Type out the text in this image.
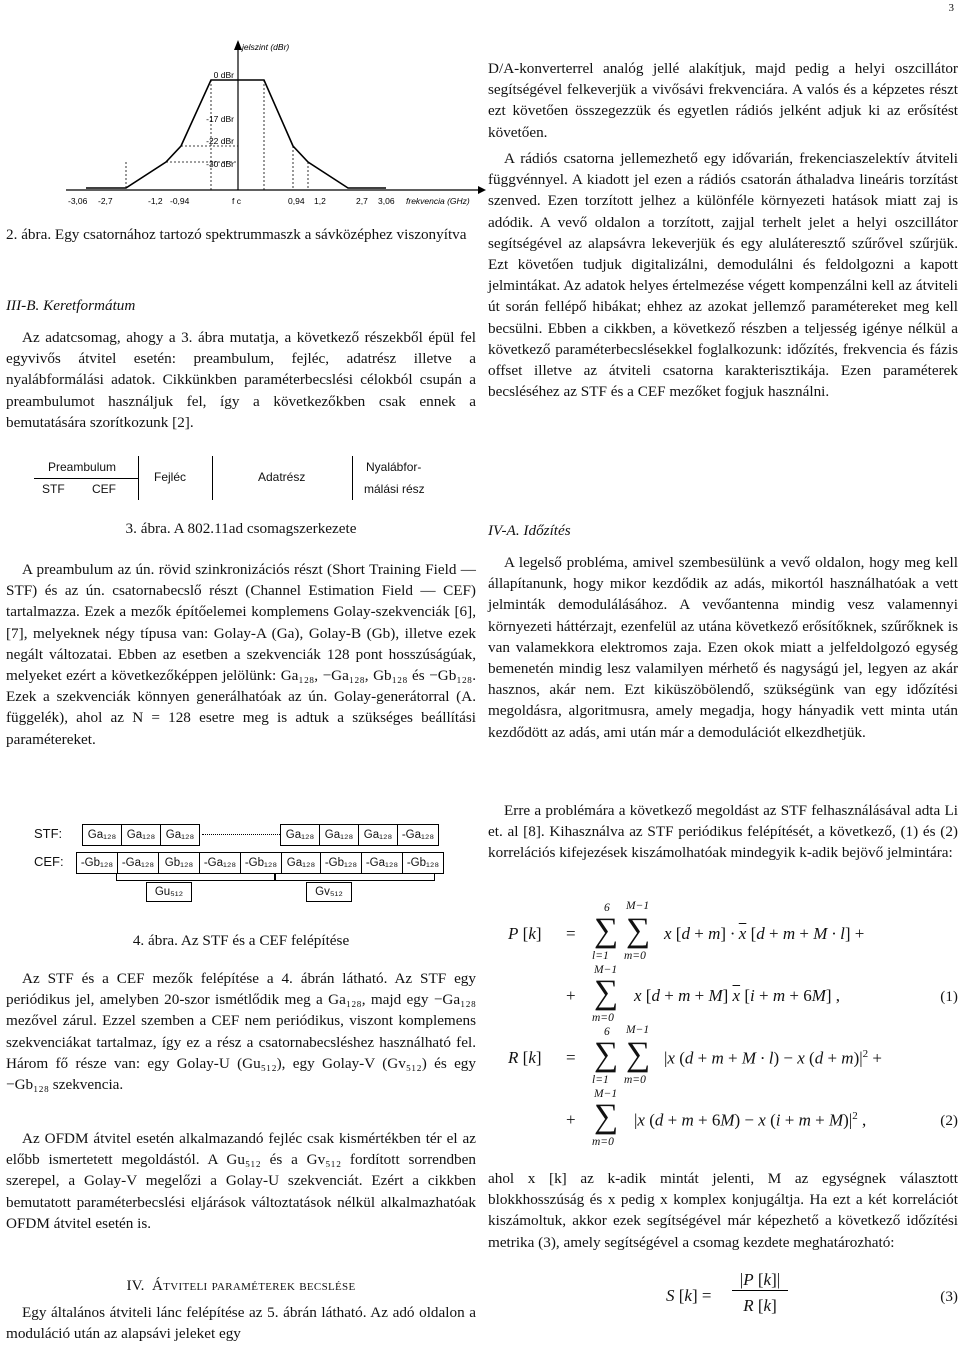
3
jelszint (dBr)
0 dBr
-17 dBr
-22 dBr
-30 dBr
-3,06 -2,7	-1,2 -0,94	f c	0,94 1,2	2,7 3,06 frekvencia (GHz)

2. ábra. Egy csatornához tartozó spektrummaszk a sávközéphez viszonyítva

III-B. Keretformátum

Az adatcsomag, ahogy a 3. ábra mutatja, a következő részekből épül fel egyvivős átvitel esetén: preambulum, fejléc, adatrész illetve a nyalábformálási adatok. Cikkünkben paraméterbecslési célokból csupán a preambulumot használjuk fel, így a következőkben csak ennek a bemutatására szorítkozunk [2].

Preambulum
STF CEF
Fejléc	Adatrész
Nyalábfor-
málási rész

3. ábra. A 802.11ad csomagszerkezete

A preambulum az ún. rövid szinkronizációs részt (Short Training Field — STF) és az ún. csatornabecslő részt (Channel Estimation Field — CEF) tartalmazza. Ezek a mezők építőelemei komplemens Golay-szekvenciák [6], [7], melyeknek négy típusa van: Golay-A (Ga), Golay-B (Gb), illetve ezek negált változatai. Ebben az esetben a szekvenciák 128 pont hosszúságúak, melyeket ezért a következőképpen jelölünk: Ga₁₂₈, −Ga₁₂₈, Gb₁₂₈ és −Gb₁₂₈. Ezek a szekvenciák könnyen generálhatóak az ún. Golay-generátorral (A. függelék), ahol az N = 128 esetre meg is adtuk a szükséges beállítási paramétereket.

STF:
CEF:
Ga₁₂₈ Ga₁₂₈ Ga₁₂₈	Ga₁₂₈ Ga₁₂₈ Ga₁₂₈ -Ga₁₂₈
-Gb₁₂₈ -Ga₁₂₈ Gb₁₂₈ -Ga₁₂₈ -Gb₁₂₈ Ga₁₂₈ -Gb₁₂₈ -Ga₁₂₈ -Gb₁₂₈
Gu₅₁₂	Gv₅₁₂

4. ábra. Az STF és a CEF felépítése

Az STF és a CEF mezők felépítése a 4. ábrán látható. Az STF egy periódikus jel, amelyben 20-szor ismétlődik meg a Ga₁₂₈, majd egy −Ga₁₂₈ mezővel zárul. Ezzel szemben a CEF nem periódikus, viszont komplemens szekvenciákat tartalmaz, így ez a rész a csatornabecsléshez használható fel. Három fő része van: egy Golay-U (Gu₅₁₂), egy Golay-V (Gv₅₁₂) és egy −Gb₁₂₈ szekvencia.

Az OFDM átvitel esetén alkalmazandó fejléc csak kismértékben tér el az előbb ismertetett megoldástól. A Gu₅₁₂ és a Gv₅₁₂ fordított sorrendben szerepel, a Golay-V megelőzi a Golay-U szekvenciát. Ezért a cikkben bemutatott paraméterbecslési eljárások változtatások nélkül alkalmazhatóak OFDM átvitel esetén is.

IV. Átviteli paraméterek becslése

Egy általános átviteli lánc felépítése az 5. ábrán látható. Az adó oldalon a moduláció után az alapsávi jeleket egy

D/A-konverterrel analóg jellé alakítjuk, majd pedig a helyi oszcillátor segítségével felkeverjük a vivősávi frekvenciára. A valós és a képzetes részt ezt követően összegezzük és egyetlen rádiós jelként adjuk ki az erősítést követően.

A rádiós csatorna jellemezhető egy idővarián, frekenciaszelektív átviteli függvénnyel. A kiadott jel ezen a rádiós csatorán áthaladva lineáris torzítást szenved. Ezen torzított jelhez a különféle környezeti hatások miatt zaj is adódik. A vevő oldalon a torzított, zajjal terhelt jelet a helyi oszcillátor segítségével az alapsávra lekeverjük és egy aluláteresztő szűrővel szűrjük. Ezt követően tudjuk digitalizálni, demodulálni és feldolgozni a kapott jelmintákat. Az adatok helyes értelmezése végett kompenzálni kell az átviteli út során fellépő hibákat; ehhez az azokat jellemző paramétereket meg kell becsülni. Ebben a cikkben, a következő részben a teljesség igénye nélkül a következő paraméterbecslésekkel foglalkozunk: időzítés, frekvencia és fázis offset illetve az átviteli csatorna karakterisztikája. Ezen paraméterek becsléséhez az STF és a CEF mezőket fogjuk használni.

IV-A. Időzítés

A legelső probléma, amivel szembesülünk a vevő oldalon, hogy meg kell állapítanunk, hogy mikor kezdődik az adás, mikortól használhatóak a vett jelminták demodulálásához. A vevőantenna mindig vesz valamennyi környezeti háttérzajt, ezenfelül az utána következő erősítőknek, szűrőknek is van valamekkora elektromos zaja. Ezen okok miatt a jelfeldolgozó egység bemenetén mindig lesz valamilyen mérhető és nagyságú jel, legyen az akár hasznos, akár nem. Ezt kiküszöbölendő, szükségünk van egy időzítési megoldásra, algoritmusra, amely megadja, hogy hányadik vett minta után kezdődött az adás, ami után már a demodulációt elkezdhetjük.

Erre a problémára a következő megoldást az STF felhasználásával adta Li et. al [8]. Kihasználva az STF periódikus felépítését, a következő, (1) és (2) korrelációs kifejezések kiszámolhatóak mindegyik k-adik bejövő jelmintára:

P [k] =
6
∑
l=1
M−1
∑
m=0
x $[d + m] \cdot \overline{x}$ [d + m + M · l] +
+
M−1
∑
m=0
x [d + m + M] $\overline{x}$ [i + m + 6M] ,	(1)
R [k] =
6
∑
l=1
M−1
∑
m=0
|x (d + m + M · l) − x $(d + m)|^2$ +
+
M−1
∑
m=0
|x (d + m + 6M) − x $(i + m + M)|^2$ ,	(2)

ahol x [k] az k-adik mintát jelenti, M az egységnek választott blokkhosszúság és x pedig x komplex konjugáltja. Ha ezt a két korrelációt kiszámoltuk, akkor ezek segítségével már képezhető a következő időzítési metrika (3), amely segítségével a csomag kezdete meghatározható:

S [k] =
|P [k]|
R [k]	(3)
